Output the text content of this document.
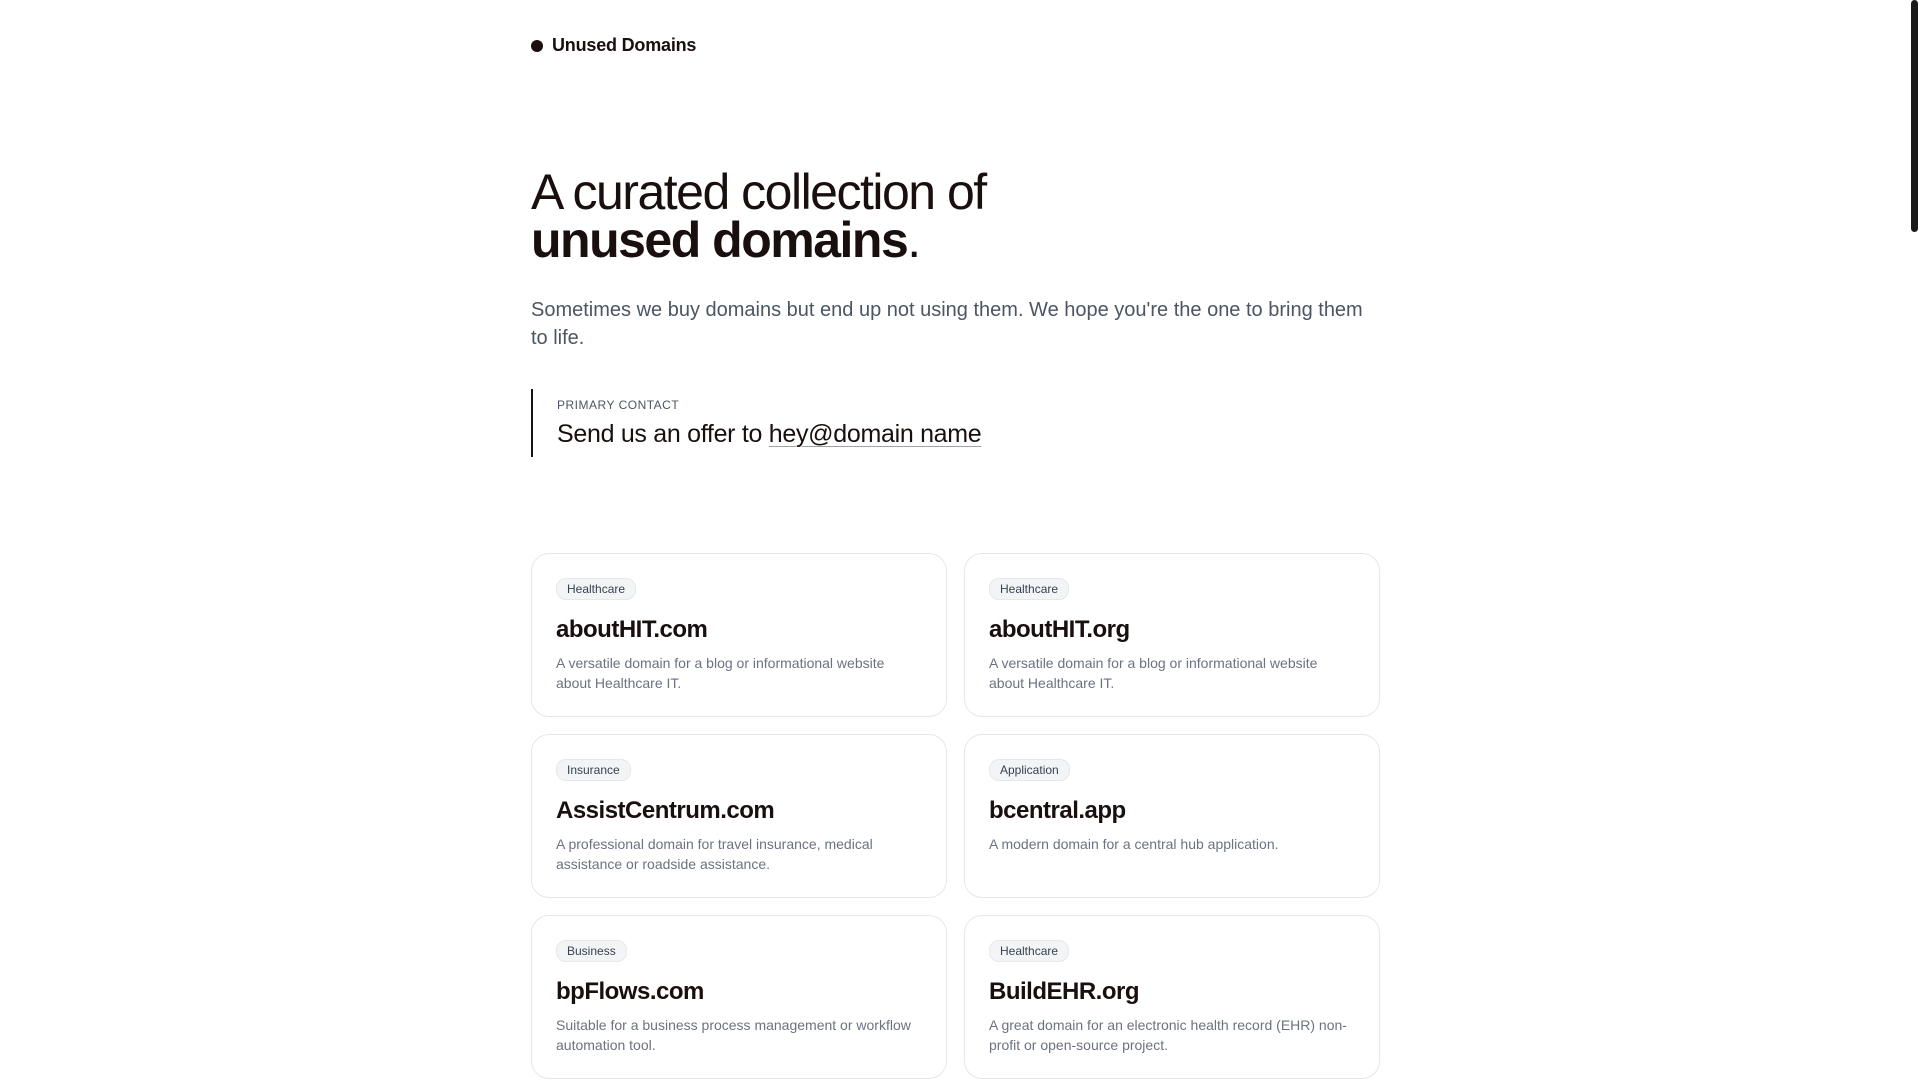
Unused Domains
A curated collection of
unused domains.

Sometimes we buy domains but end up not using them. We hope you're the one to bring them to life.

PRIMARY CONTACT
Send us an offer to hey@domain name
Healthcare
aboutHIT.com
A versatile domain for a blog or informational website about Healthcare IT.
Healthcare
aboutHIT.org
A versatile domain for a blog or informational website about Healthcare IT.
Insurance
AssistCentrum.com
A professional domain for travel insurance, medical assistance or roadside assistance.
Application
bcentral.app
A modern domain for a central hub application.
Business
bpFlows.com
Suitable for a business process management or workflow automation tool.
Healthcare
BuildEHR.org
A great domain for an electronic health record (EHR) non-profit or open-source project.
